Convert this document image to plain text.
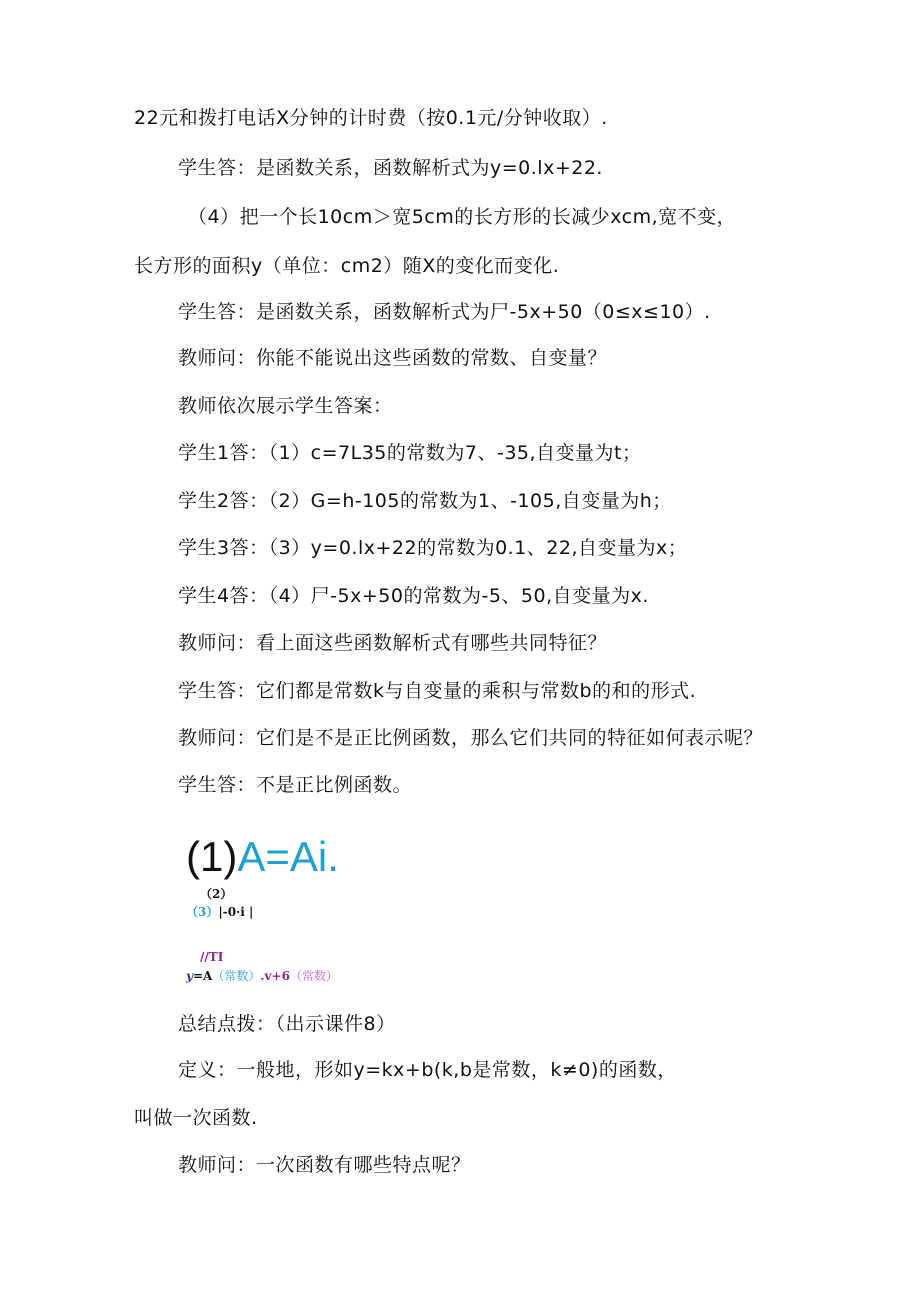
22元和拨打电话X分钟的计时费（按0.1元/分钟收取）.
学生答：是函数关系，函数解析式为y=0.lx+22.
（4）把一个长10cm＞宽5cm的长方形的长减少xcm,宽不变，
长方形的面积y（单位：cm2）随X的变化而变化.
学生答：是函数关系，函数解析式为尸-5x+50（0≤x≤10）.
教师问：你能不能说出这些函数的常数、自变量？
教师依次展示学生答案：
学生1答：（1）c=7L35的常数为7、-35,自变量为t；
学生2答：（2）G=h-105的常数为1、-105,自变量为h；
学生3答：（3）y=0.lx+22的常数为0.1、22,自变量为x；
学生4答：（4）尸-5x+50的常数为-5、50,自变量为x.
教师问：看上面这些函数解析式有哪些共同特征？
学生答：它们都是常数k与自变量的乘积与常数b的和的形式.
教师问：它们是不是正比例函数，那么它们共同的特征如何表示呢？
学生答：不是正比例函数。
(1)A=Ai.
（2）
（3）|-0·i |
//TI
y=A（常数）.v+6（常数）
总结点拨：（出示课件8）
定义：一般地，形如y=kx+b(k,b是常数，k≠0)的函数，
叫做一次函数.
教师问：一次函数有哪些特点呢？
